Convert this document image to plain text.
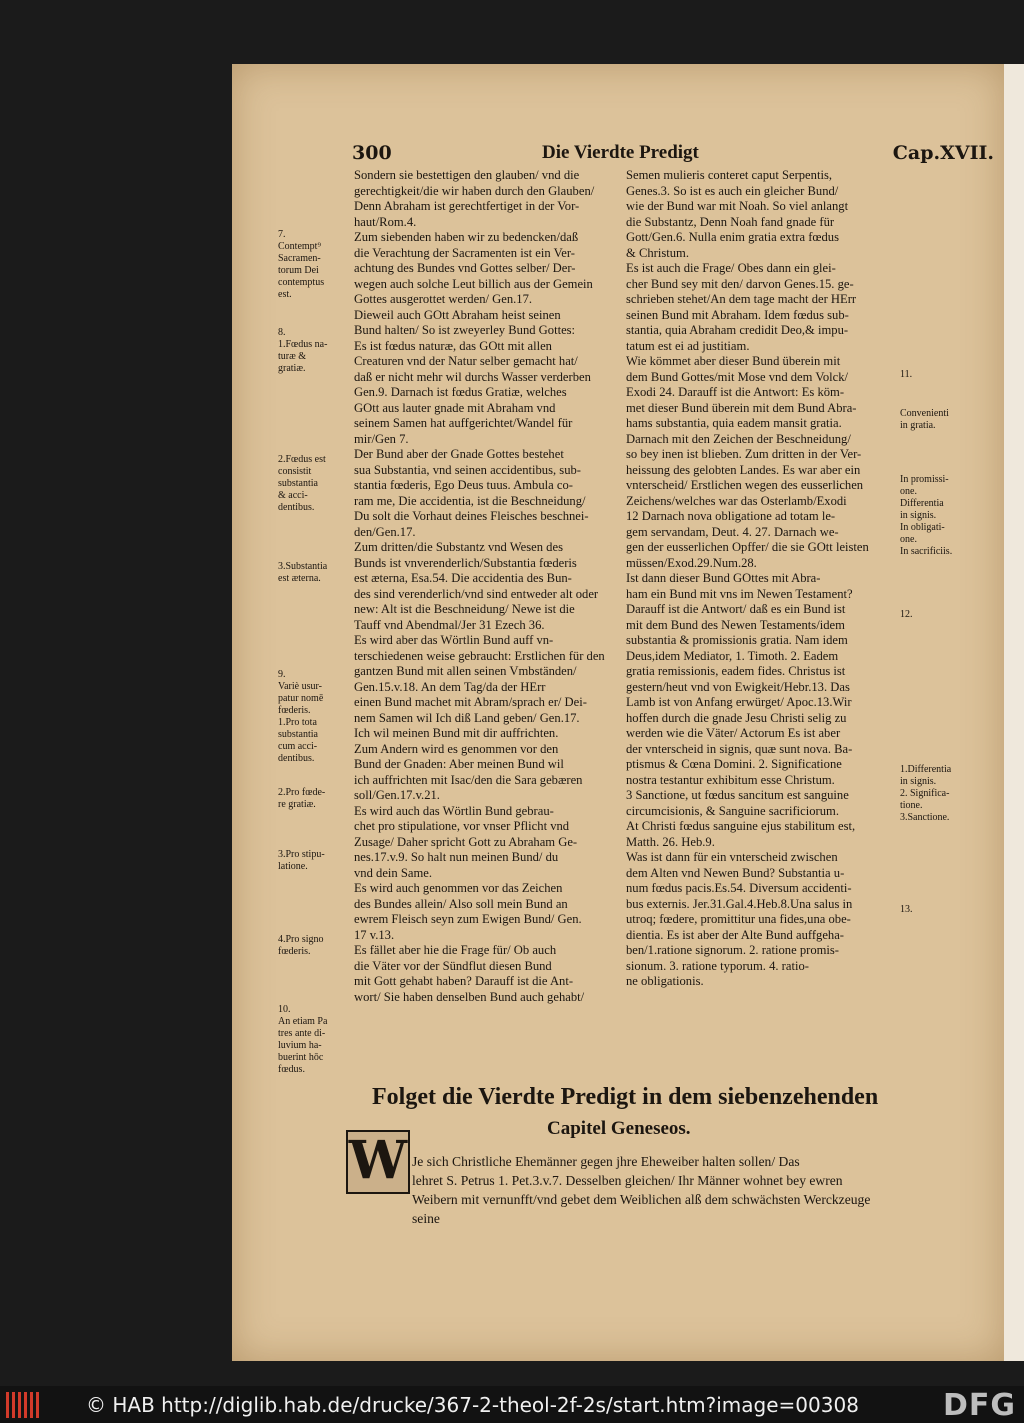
300	Die Vierdte Predigt	Cap.XVII.

7.

Contempt⁹

Sacramen-

torum Dei

contemptus

est.

8.

1.Fœdus na-

turæ &

gratiæ.

2.Fœdus est

consistit

substantia

& acci-

dentibus.

3.Substantia

est æterna.

9.

Variè usur-

patur nomē

fœderis.

1.Pro tota

substantia

cum acci-

dentibus.

2.Pro fœde-

re gratiæ.

3.Pro stipu-

latione.

4.Pro signo

fœderis.

10.

An etiam Pa

tres ante di-

luvium ha-

buerint hōc

fœdus.

Sondern sie bestettigen den glauben/ vnd die

gerechtigkeit/die wir haben durch den Glauben/

Denn Abraham ist gerechtfertiget in der Vor-

haut/Rom.4.

Zum siebenden haben wir zu bedencken/daß

die Verachtung der Sacramenten ist ein Ver-

achtung des Bundes vnd Gottes selber/ Der-

wegen auch solche Leut billich aus der Gemein

Gottes ausgerottet werden/ Gen.17.

Dieweil auch GOtt Abraham heist seinen

Bund halten/ So ist zweyerley Bund Gottes:

Es ist fœdus naturæ, das GOtt mit allen

Creaturen vnd der Natur selber gemacht hat/

daß er nicht mehr wil durchs Wasser verderben

Gen.9. Darnach ist fœdus Gratiæ, welches

GOtt aus lauter gnade mit Abraham vnd

seinem Samen hat auffgerichtet/Wandel für

mir/Gen 7.

Der Bund aber der Gnade Gottes bestehet

sua Substantia, vnd seinen accidentibus, sub-

stantia fœderis, Ego Deus tuus. Ambula co-

ram me, Die accidentia, ist die Beschneidung/

Du solt die Vorhaut deines Fleisches beschnei-

den/Gen.17.

Zum dritten/die Substantz vnd Wesen des

Bunds ist vnverenderlich/Substantia fœderis

est æterna, Esa.54. Die accidentia des Bun-

des sind verenderlich/vnd sind entweder alt oder

new: Alt ist die Beschneidung/ Newe ist die

Tauff vnd Abendmal/Jer 31 Ezech 36.

Es wird aber das Wörtlin Bund auff vn-

terschiedenen weise gebraucht: Erstlichen für den

gantzen Bund mit allen seinen Vmbständen/

Gen.15.v.18. An dem Tag/da der HErr

einen Bund machet mit Abram/sprach er/ Dei-

nem Samen wil Ich diß Land geben/ Gen.17.

Ich wil meinen Bund mit dir auffrichten.

Zum Andern wird es genommen vor den

Bund der Gnaden: Aber meinen Bund wil

ich auffrichten mit Isac/den die Sara gebæren

soll/Gen.17.v.21.

Es wird auch das Wörtlin Bund gebrau-

chet pro stipulatione, vor vnser Pflicht vnd

Zusage/ Daher spricht Gott zu Abraham Ge-

nes.17.v.9. So halt nun meinen Bund/ du

vnd dein Same.

Es wird auch genommen vor das Zeichen

des Bundes allein/ Also soll mein Bund an

ewrem Fleisch seyn zum Ewigen Bund/ Gen.

17 v.13.

Es fället aber hie die Frage für/ Ob auch

die Väter vor der Sündflut diesen Bund

mit Gott gehabt haben? Darauff ist die Ant-

wort/ Sie haben denselben Bund auch gehabt/

Semen mulieris conteret caput Serpentis,

Genes.3. So ist es auch ein gleicher Bund/

wie der Bund war mit Noah. So viel anlangt

die Substantz, Denn Noah fand gnade für

Gott/Gen.6. Nulla enim gratia extra fœdus

& Christum.

Es ist auch die Frage/ Obes dann ein glei-

cher Bund sey mit den/ darvon Genes.15. ge-

schrieben stehet/An dem tage macht der HErr

seinen Bund mit Abraham. Idem fœdus sub-

stantia, quia Abraham credidit Deo,& impu-

tatum est ei ad justitiam.

Wie kömmet aber dieser Bund überein mit

dem Bund Gottes/mit Mose vnd dem Volck/

Exodi 24. Darauff ist die Antwort: Es köm-

met dieser Bund überein mit dem Bund Abra-

hams substantia, quia eadem mansit gratia.

Darnach mit den Zeichen der Beschneidung/

so bey inen ist blieben. Zum dritten in der Ver-

heissung des gelobten Landes. Es war aber ein

vnterscheid/ Erstlichen wegen des eusserlichen

Zeichens/welches war das Osterlamb/Exodi

12 Darnach nova obligatione ad totam le-

gem servandam, Deut. 4. 27. Darnach we-

gen der eusserlichen Opffer/ die sie GOtt leisten

müssen/Exod.29.Num.28.

Ist dann dieser Bund GOttes mit Abra-

ham ein Bund mit vns im Newen Testament?

Darauff ist die Antwort/ daß es ein Bund ist

mit dem Bund des Newen Testaments/idem

substantia & promissionis gratia. Nam idem

Deus,idem Mediator, 1. Timoth. 2. Eadem

gratia remissionis, eadem fides. Christus ist

gestern/heut vnd von Ewigkeit/Hebr.13. Das

Lamb ist von Anfang erwürget/ Apoc.13.Wir

hoffen durch die gnade Jesu Christi selig zu

werden wie die Väter/ Actorum Es ist aber

der vnterscheid in signis, quæ sunt nova. Ba-

ptismus & Cœna Domini. 2. Significatione

nostra testantur exhibitum esse Christum.

3 Sanctione, ut fœdus sancitum est sanguine

circumcisionis, & Sanguine sacrificiorum.

At Christi fœdus sanguine ejus stabilitum est,

Matth. 26. Heb.9.

Was ist dann für ein vnterscheid zwischen

dem Alten vnd Newen Bund? Substantia u-

num fœdus pacis.Es.54. Diversum accidenti-

bus externis. Jer.31.Gal.4.Heb.8.Una salus in

utroq; fœdere, promittitur una fides,una obe-

dientia. Es ist aber der Alte Bund auffgeha-

ben/1.ratione signorum. 2. ratione promis-

sionum. 3. ratione typorum. 4. ratio-

ne obligationis.

11.

Convenienti

in gratia.

In promissi-

one.

Differentia

in signis.

In obligati-

one.

In sacrificiis.

12.

1.Differentia

in signis.

2. Significa-

tione.

3.Sanctione.

13.

Folget die Vierdte Predigt in dem siebenzehenden
Capitel Geneseos.
W Je sich Christliche Ehemänner gegen jhre Eheweiber halten sollen/ Das

lehret S. Petrus 1. Pet.3.v.7. Desselben gleichen/ Ihr Männer wohnet bey ewren

Weibern mit vernunfft/vnd gebet dem Weiblichen alß dem schwächsten Werckzeuge

seine

© HAB http://diglib.hab.de/drucke/367-2-theol-2f-2s/start.htm?image=00308	DFG
